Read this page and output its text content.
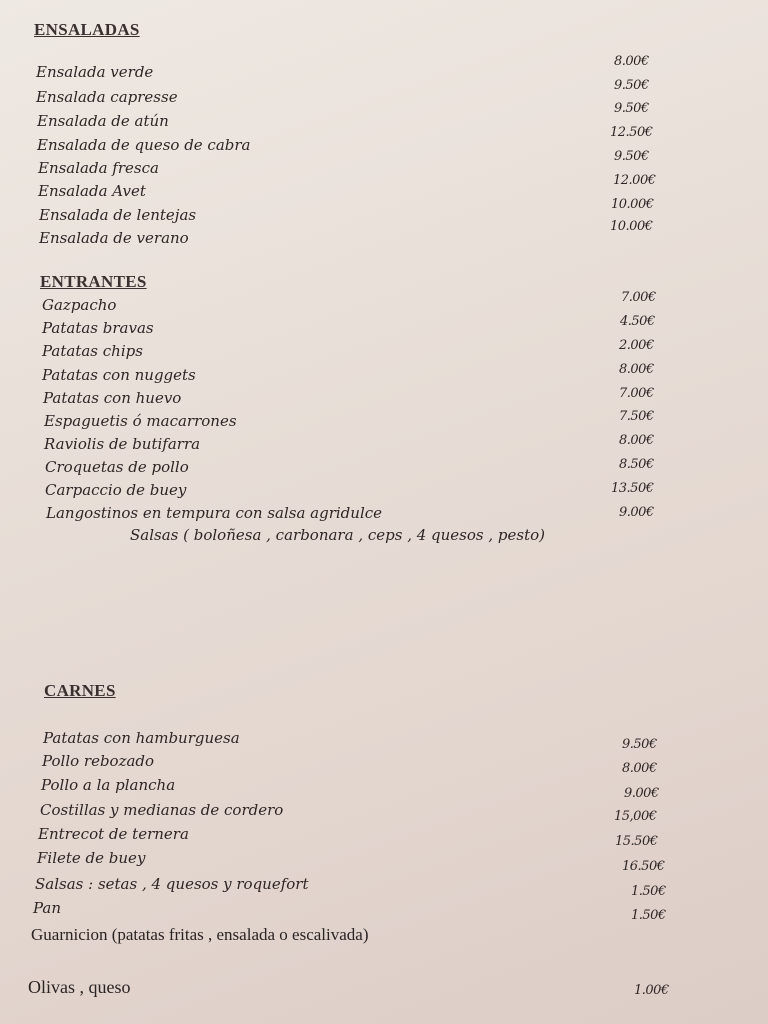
ENSALADAS
Ensalada verde
8.00€
Ensalada capresse
9.50€
Ensalada de atún
9.50€
Ensalada de queso de cabra
12.50€
Ensalada fresca
9.50€
Ensalada Avet
12.00€
Ensalada de lentejas
10.00€
Ensalada de verano
10.00€
ENTRANTES
Gazpacho	7.00€
Patatas bravas	4.50€
Patatas chips	2.00€
Patatas con nuggets	8.00€
Patatas con huevo	7.00€
Espaguetis ó macarrones	7.50€
Raviolis de butifarra	8.00€
Croquetas de pollo	8.50€
Carpaccio de buey	13.50€
Langostinos en tempura con salsa agridulce	9.00€
Salsas ( boloñesa , carbonara , ceps , 4 quesos , pesto)
CARNES
Patatas con hamburguesa	9.50€
Pollo rebozado	8.00€
Pollo a la plancha	9.00€
Costillas y medianas de cordero	15,00€
Entrecot de ternera	15.50€
Filete de buey	16.50€
Salsas : setas , 4 quesos y roquefort	1.50€
Pan	1.50€
Guarnicion (patatas fritas , ensalada o escalivada)
Olivas , queso	1.00€
